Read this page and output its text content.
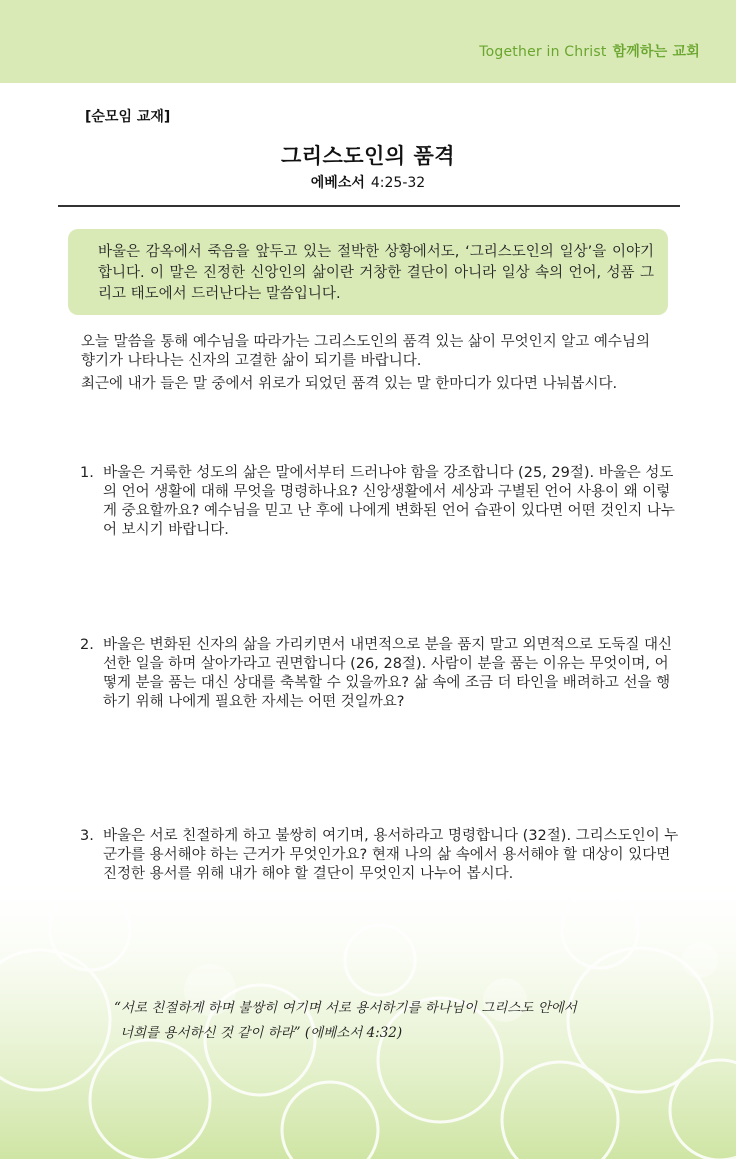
Together in Christ 함께하는 교회
[순모임 교재]
그리스도인의 품격
에베소서 4:25-32

바울은 감옥에서 죽음을 앞두고 있는 절박한 상황에서도, ‘그리스도인의 일상’을 이야기합니다. 이 말은 진정한 신앙인의 삶이란 거창한 결단이 아니라 일상 속의 언어, 성품 그리고 태도에서 드러난다는 말씀입니다.

오늘 말씀을 통해 예수님을 따라가는 그리스도인의 품격 있는 삶이 무엇인지 알고 예수님의 향기가 나타나는 신자의 고결한 삶이 되기를 바랍니다.

최근에 내가 들은 말 중에서 위로가 되었던 품격 있는 말 한마디가 있다면 나눠봅시다.

1. 바울은 거룩한 성도의 삶은 말에서부터 드러나야 함을 강조합니다 (25, 29절). 바울은 성도의 언어 생활에 대해 무엇을 명령하나요? 신앙생활에서 세상과 구별된 언어 사용이 왜 이렇게 중요할까요? 예수님을 믿고 난 후에 나에게 변화된 언어 습관이 있다면 어떤 것인지 나누어 보시기 바랍니다.
2. 바울은 변화된 신자의 삶을 가리키면서 내면적으로 분을 품지 말고 외면적으로 도둑질 대신 선한 일을 하며 살아가라고 권면합니다 (26, 28절). 사람이 분을 품는 이유는 무엇이며, 어떻게 분을 품는 대신 상대를 축복할 수 있을까요? 삶 속에 조금 더 타인을 배려하고 선을 행하기 위해 나에게 필요한 자세는 어떤 것일까요?
3. 바울은 서로 친절하게 하고 불쌍히 여기며, 용서하라고 명령합니다 (32절). 그리스도인이 누군가를 용서해야 하는 근거가 무엇인가요? 현재 나의 삶 속에서 용서해야 할 대상이 있다면
“서로 친절하게 하며 불쌍히 여기며 서로 용서하기를 하나님이 그리스도 안에서
너희를 용서하신 것 같이 하라” (에베소서 4:32)
